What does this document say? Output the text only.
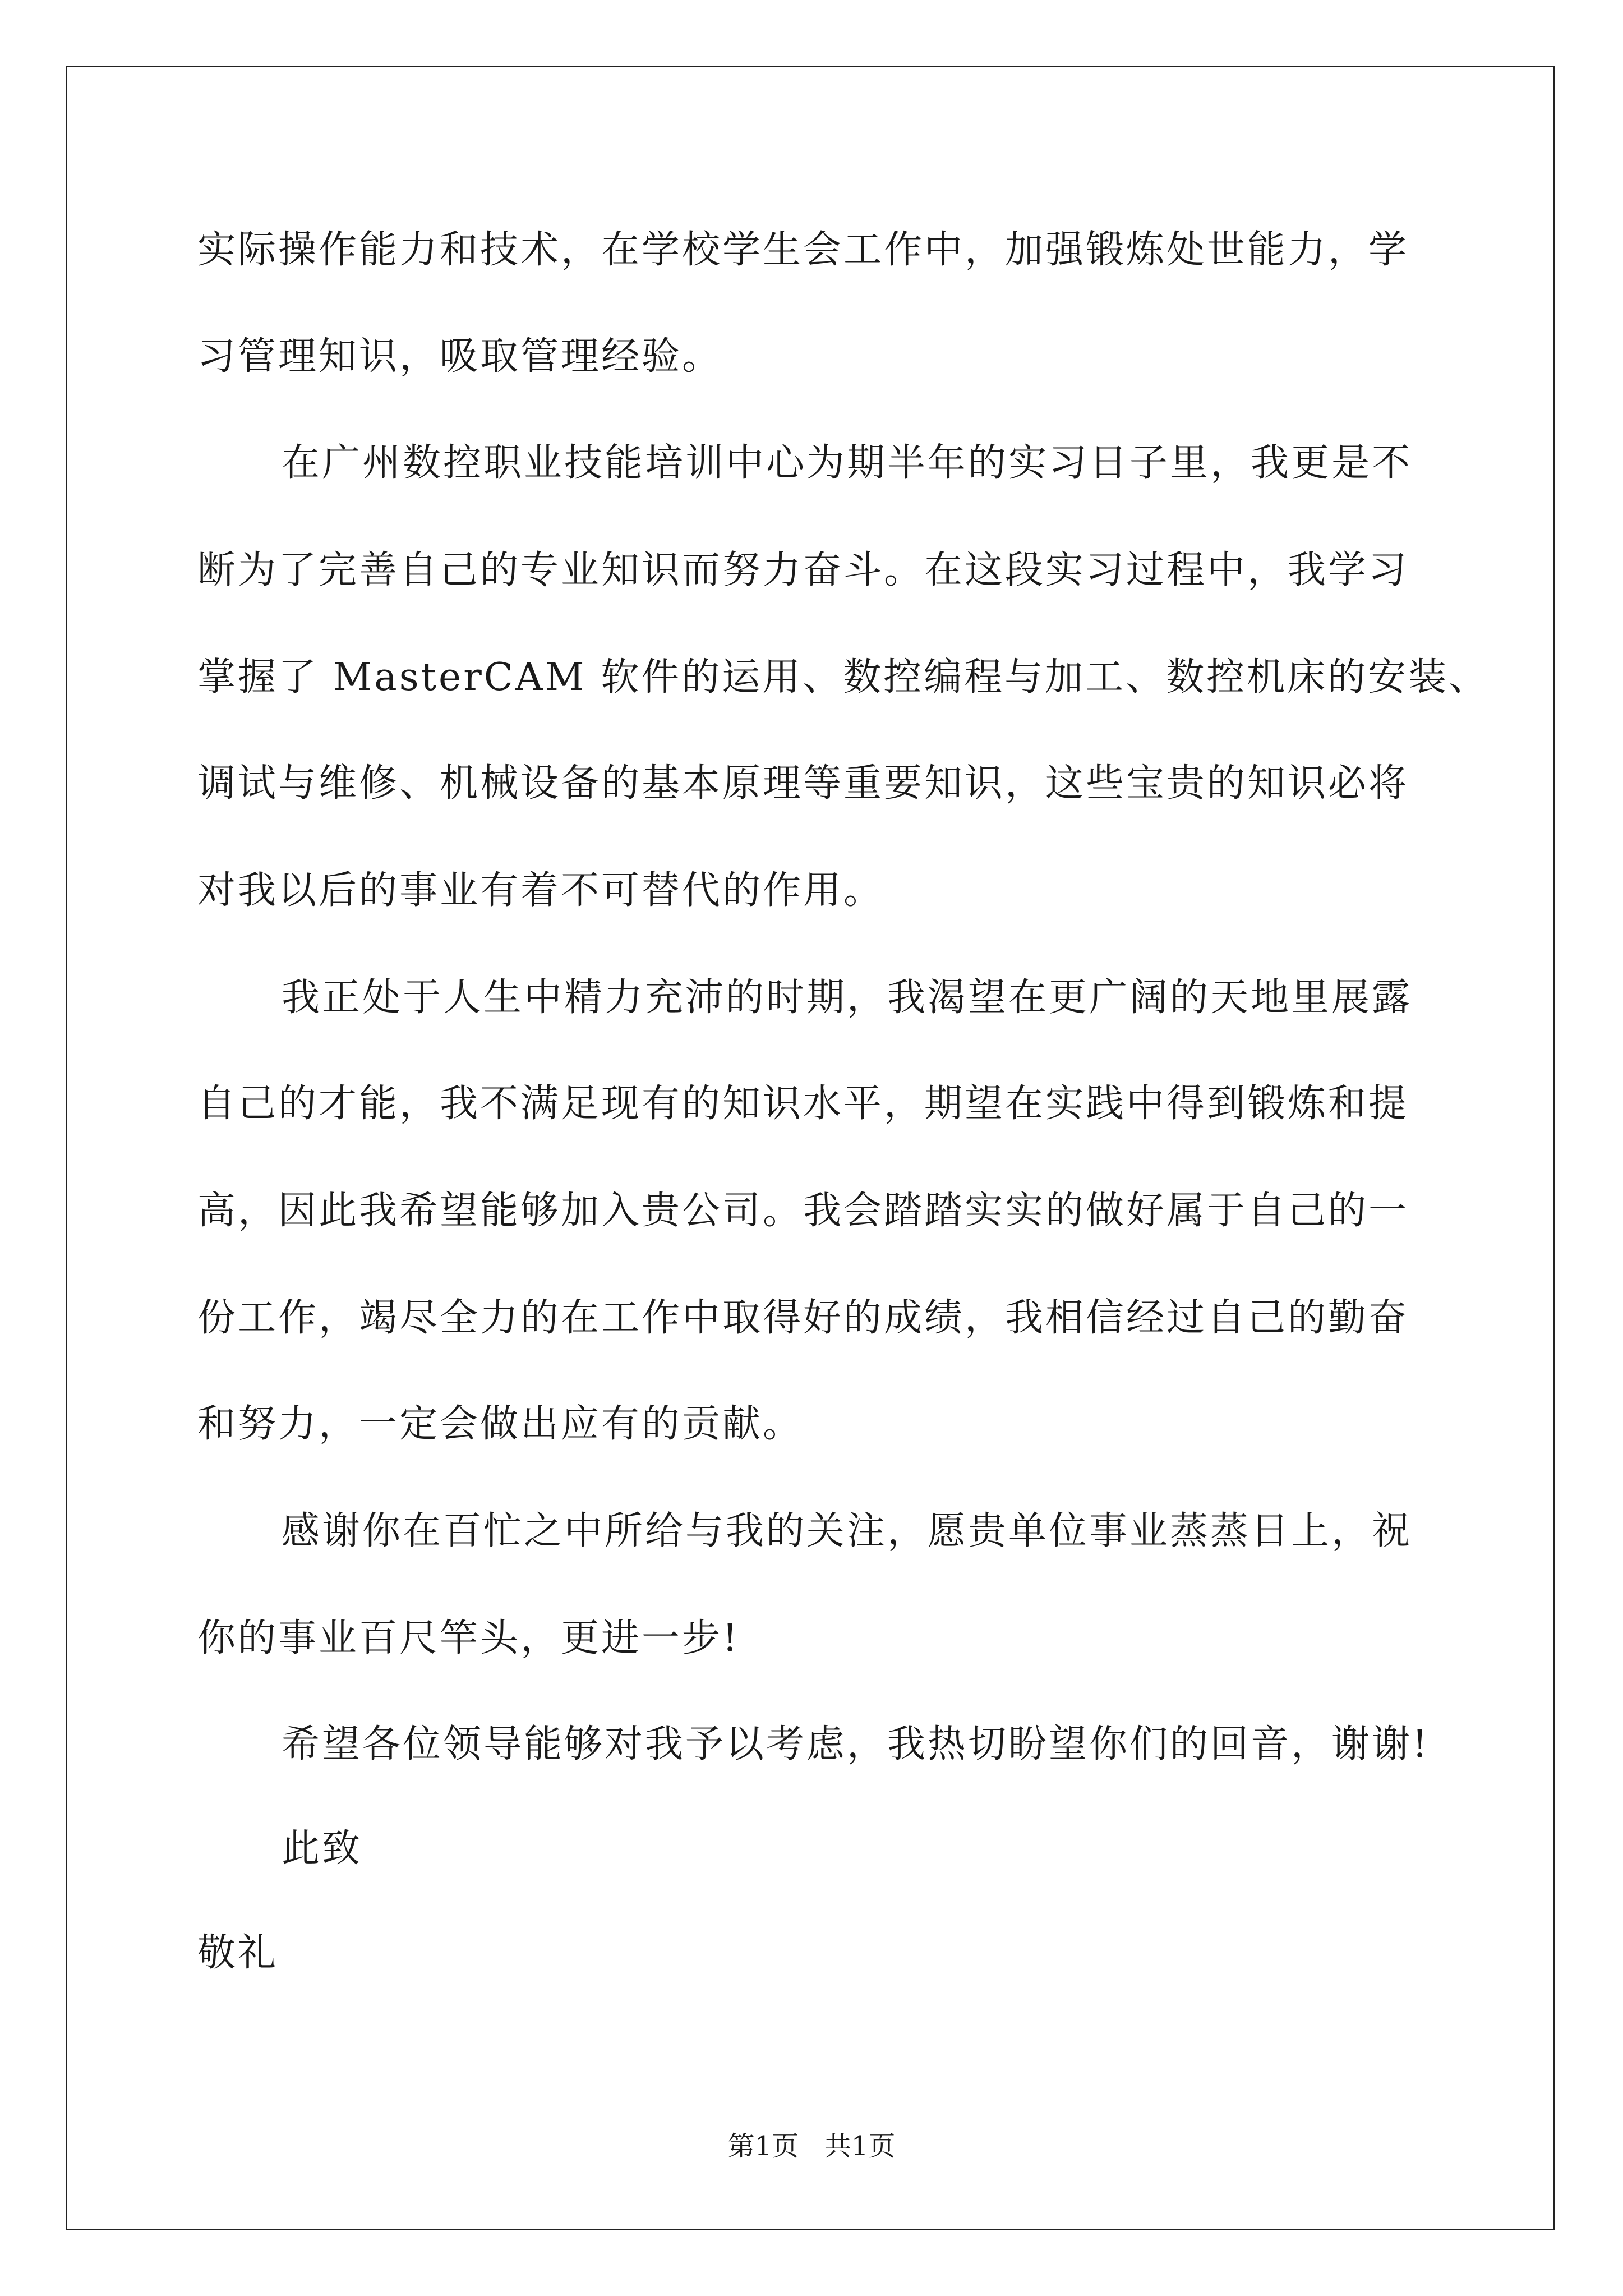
实际操作能力和技术，在学校学生会工作中，加强锻炼处世能力，学
习管理知识，吸取管理经验。
在广州数控职业技能培训中心为期半年的实习日子里，我更是不
断为了完善自己的专业知识而努力奋斗。在这段实习过程中，我学习
掌握了 MasterCAM 软件的运用、数控编程与加工、数控机床的安装、
调试与维修、机械设备的基本原理等重要知识，这些宝贵的知识必将
对我以后的事业有着不可替代的作用。
我正处于人生中精力充沛的时期，我渴望在更广阔的天地里展露
自己的才能，我不满足现有的知识水平，期望在实践中得到锻炼和提
高，因此我希望能够加入贵公司。我会踏踏实实的做好属于自己的一
份工作，竭尽全力的在工作中取得好的成绩，我相信经过自己的勤奋
和努力，一定会做出应有的贡献。
感谢你在百忙之中所给与我的关注，愿贵单位事业蒸蒸日上，祝
你的事业百尺竿头，更进一步!
希望各位领导能够对我予以考虑，我热切盼望你们的回音，谢谢!
此致
敬礼
第1页   共1页
